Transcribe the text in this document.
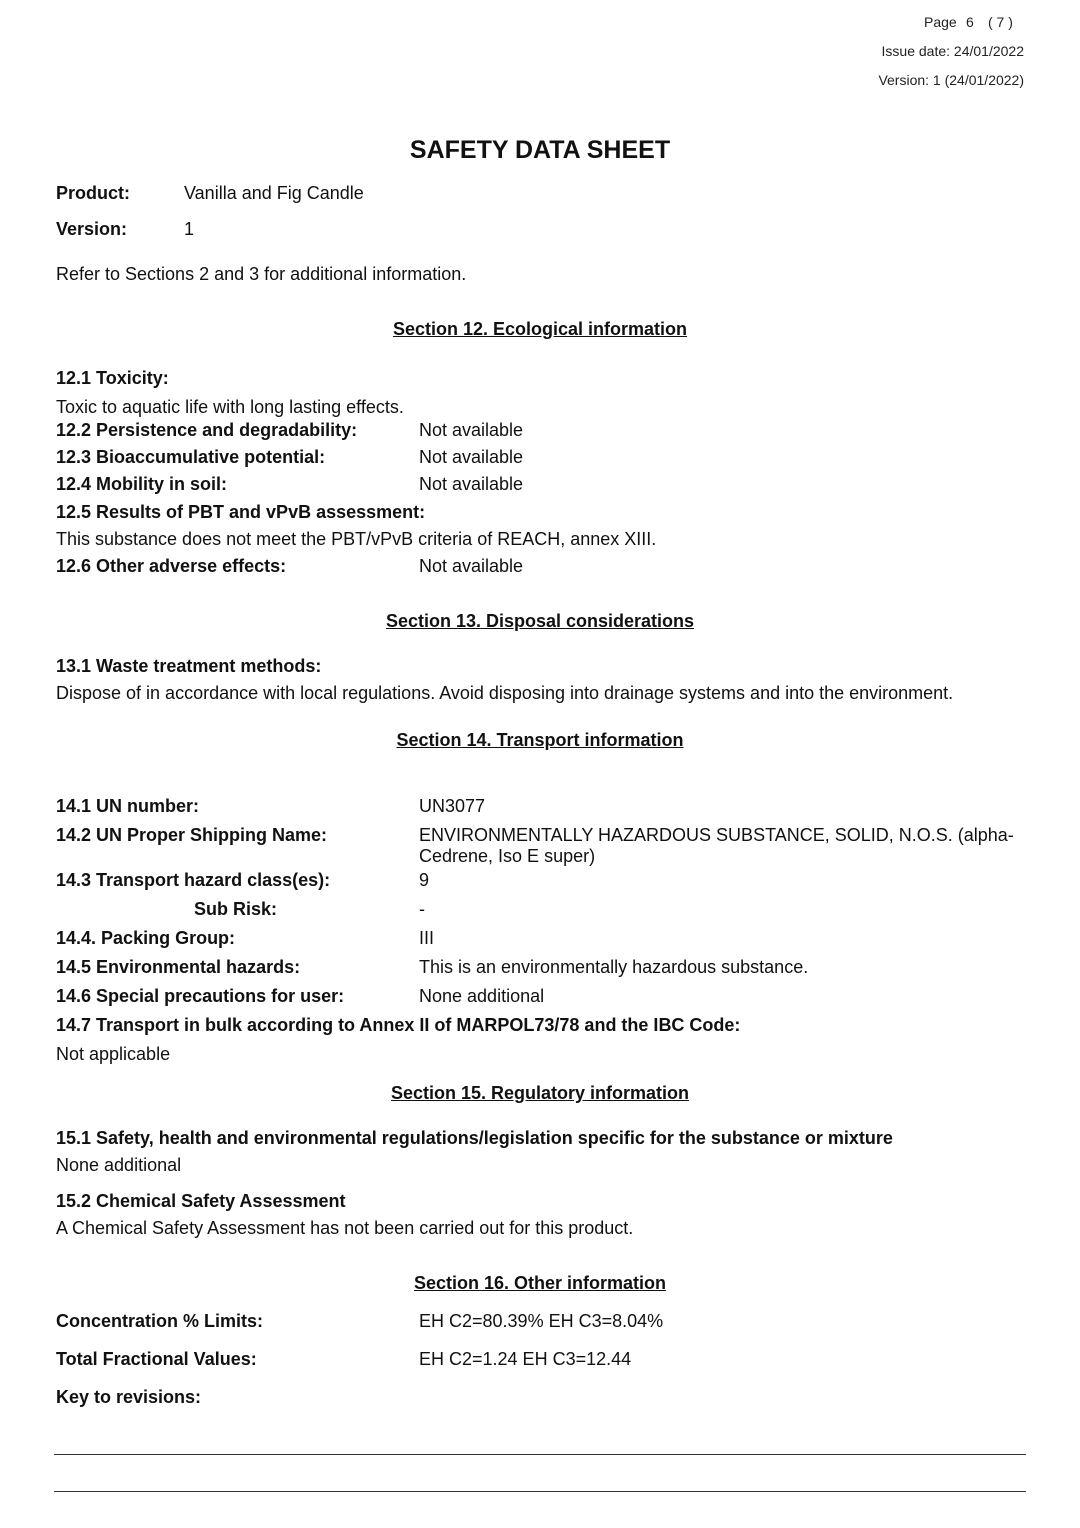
Page 6 ( 7 )
Issue date: 24/01/2022
Version: 1 (24/01/2022)
SAFETY DATA SHEET
Product:	Vanilla and Fig Candle
Version:	1
Refer to Sections 2 and 3 for additional information.
Section 12. Ecological information
12.1 Toxicity:
Toxic to aquatic life with long lasting effects.
12.2 Persistence and degradability:	Not available
12.3 Bioaccumulative potential:	Not available
12.4 Mobility in soil:	Not available
12.5 Results of PBT and vPvB assessment:
This substance does not meet the PBT/vPvB criteria of REACH, annex XIII.
12.6 Other adverse effects:	Not available
Section 13. Disposal considerations
13.1 Waste treatment methods:
Dispose of in accordance with local regulations. Avoid disposing into drainage systems and into the environment.
Section 14. Transport information
14.1 UN number:	UN3077
14.2 UN Proper Shipping Name:	ENVIRONMENTALLY HAZARDOUS SUBSTANCE, SOLID, N.O.S. (alpha-Cedrene, Iso E super)
14.3 Transport hazard class(es):	9
Sub Risk:	-
14.4. Packing Group:	III
14.5 Environmental hazards:	This is an environmentally hazardous substance.
14.6 Special precautions for user:	None additional
14.7 Transport in bulk according to Annex II of MARPOL73/78 and the IBC Code:
Not applicable
Section 15. Regulatory information
15.1 Safety, health and environmental regulations/legislation specific for the substance or mixture
None additional
15.2 Chemical Safety Assessment
A Chemical Safety Assessment has not been carried out for this product.
Section 16. Other information
Concentration % Limits:	EH C2=80.39% EH C3=8.04%
Total Fractional Values:	EH C2=1.24 EH C3=12.44
Key to revisions:
